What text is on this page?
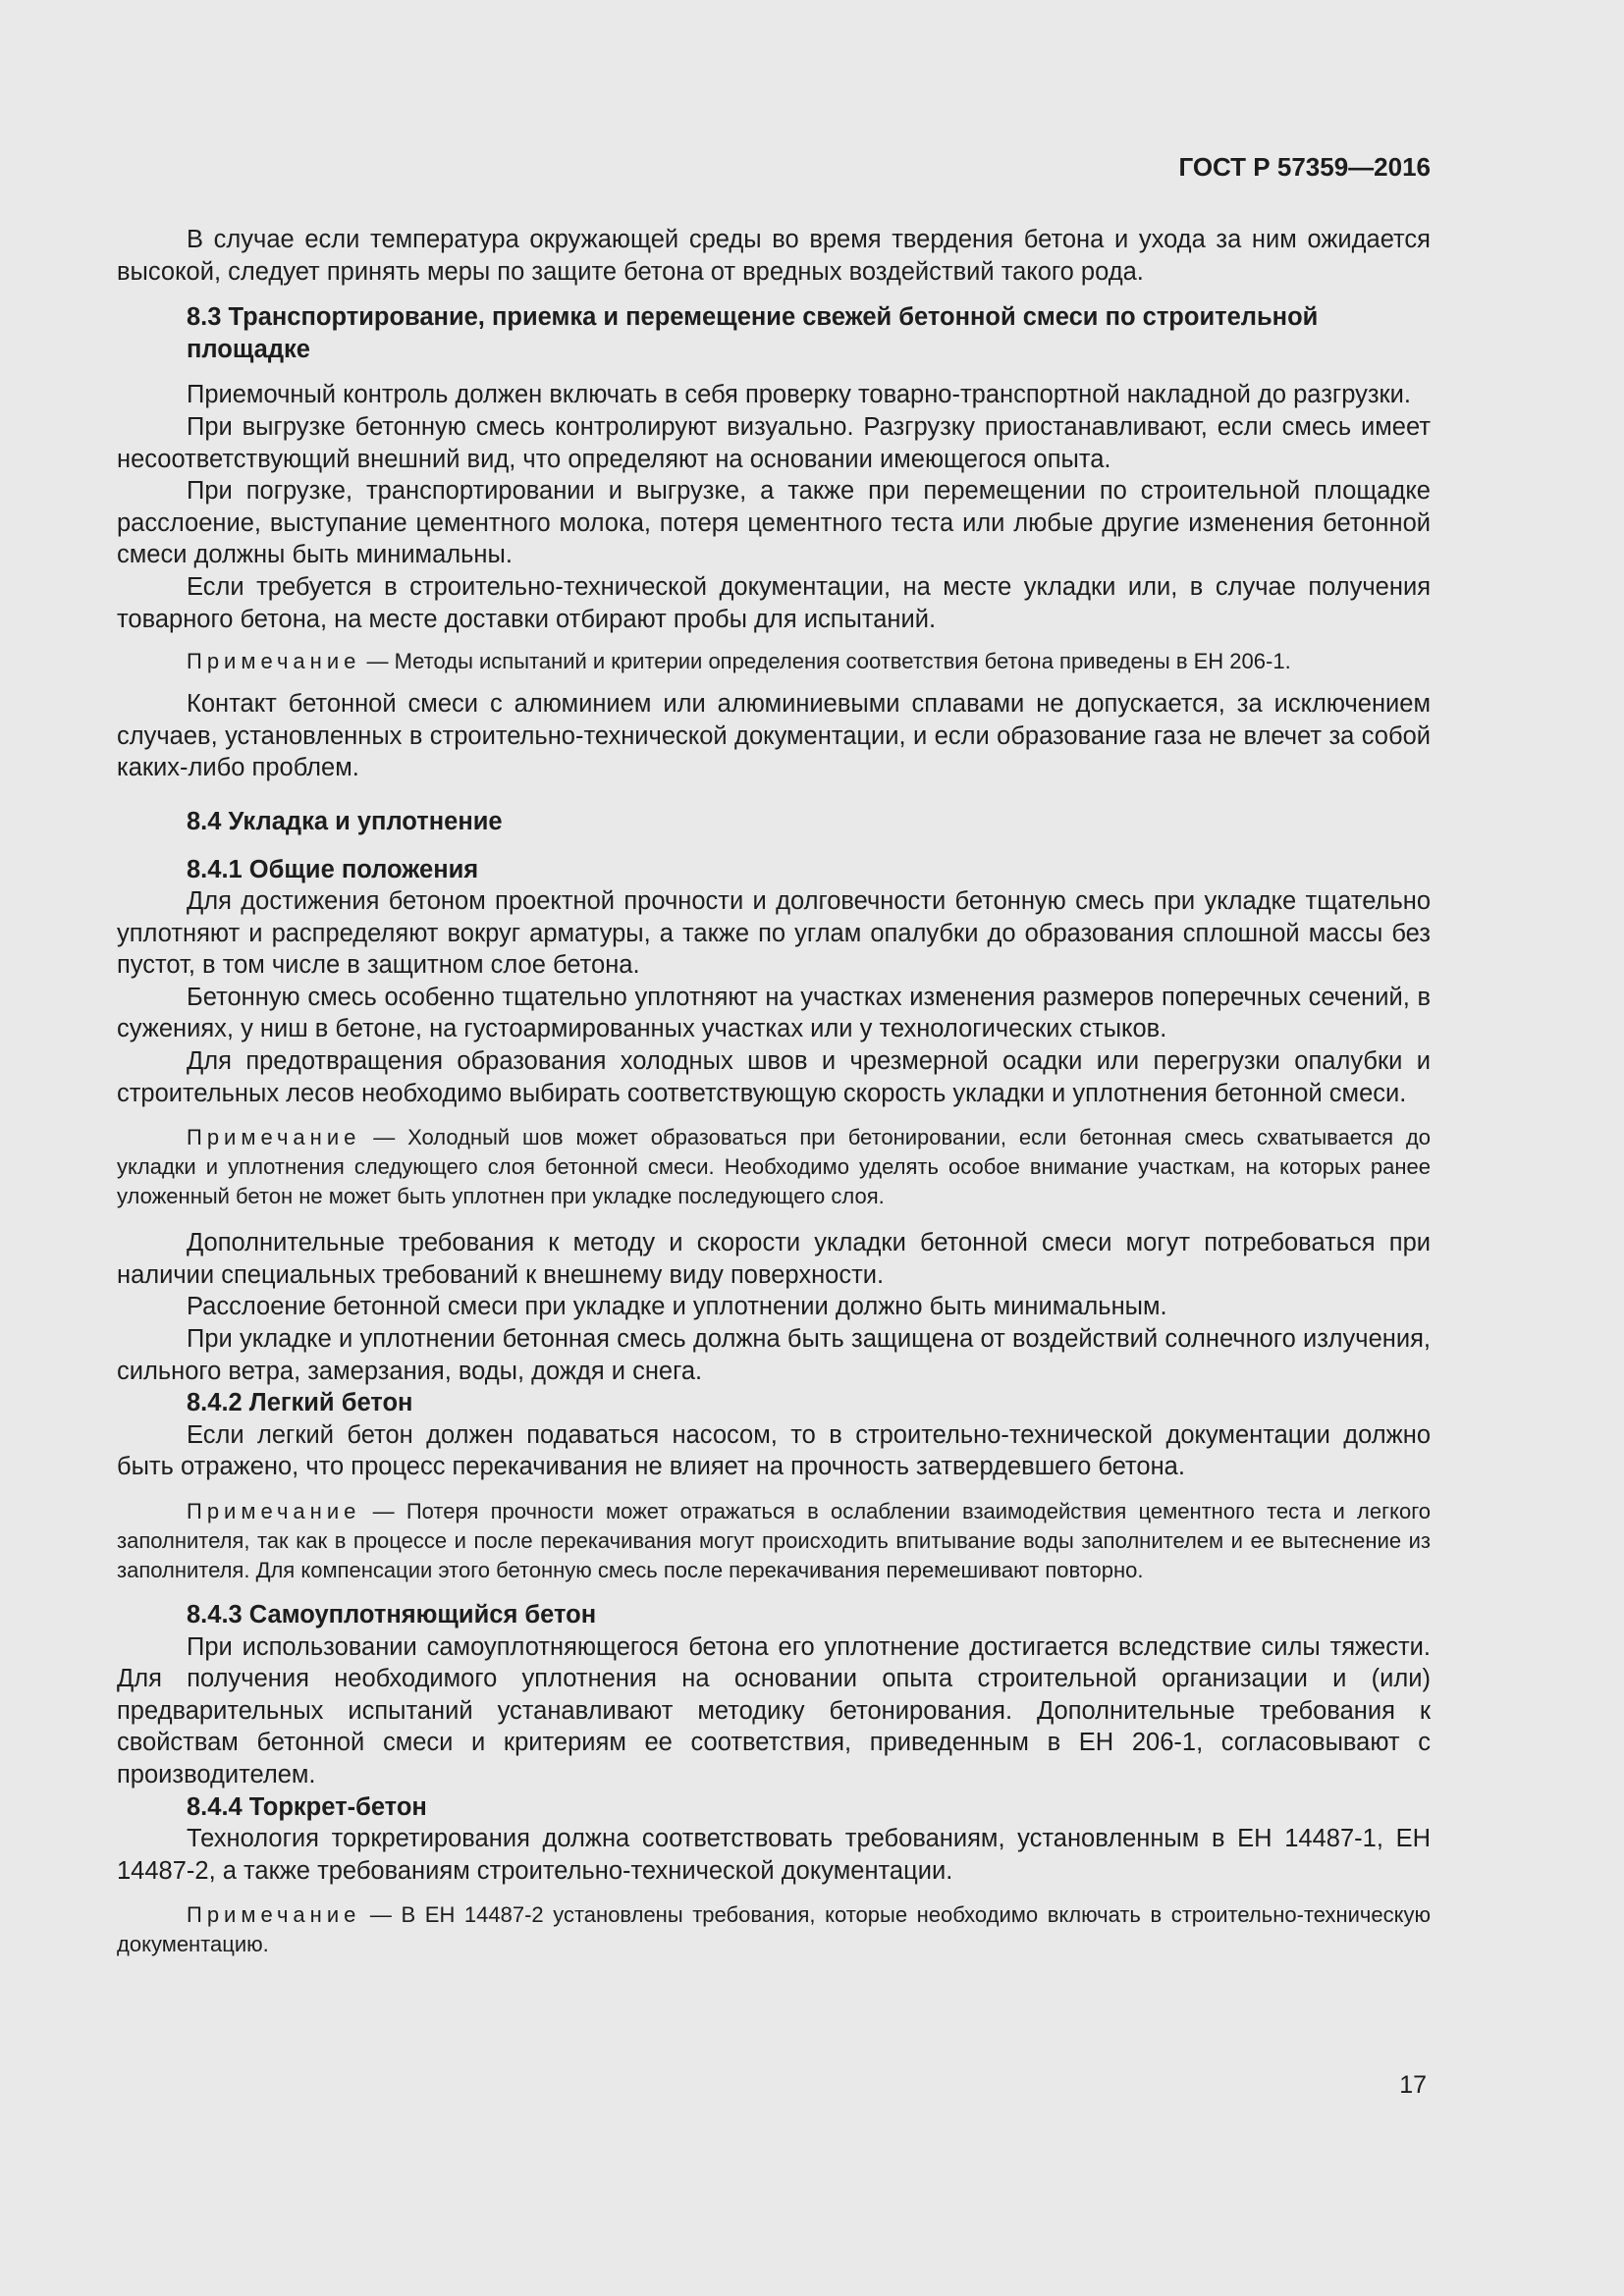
ГОСТ Р 57359—2016

В случае если температура окружающей среды во время твердения бетона и ухода за ним ожидается высокой, следует принять меры по защите бетона от вредных воздействий такого рода.

8.3 Транспортирование, приемка и перемещение свежей бетонной смеси по строительной площадке

Приемочный контроль должен включать в себя проверку товарно-транспортной накладной до разгрузки.

При выгрузке бетонную смесь контролируют визуально. Разгрузку приостанавливают, если смесь имеет несоответствующий внешний вид, что определяют на основании имеющегося опыта.

При погрузке, транспортировании и выгрузке, а также при перемещении по строительной площадке расслоение, выступание цементного молока, потеря цементного теста или любые другие изменения бетонной смеси должны быть минимальны.

Если требуется в строительно-технической документации, на месте укладки или, в случае получения товарного бетона, на месте доставки отбирают пробы для испытаний.

Примечание — Методы испытаний и критерии определения соответствия бетона приведены в ЕН 206-1.

Контакт бетонной смеси с алюминием или алюминиевыми сплавами не допускается, за исключением случаев, установленных в строительно-технической документации, и если образование газа не влечет за собой каких-либо проблем.

8.4 Укладка и уплотнение

8.4.1 Общие положения

Для достижения бетоном проектной прочности и долговечности бетонную смесь при укладке тщательно уплотняют и распределяют вокруг арматуры, а также по углам опалубки до образования сплошной массы без пустот, в том числе в защитном слое бетона.

Бетонную смесь особенно тщательно уплотняют на участках изменения размеров поперечных сечений, в сужениях, у ниш в бетоне, на густоармированных участках или у технологических стыков.

Для предотвращения образования холодных швов и чрезмерной осадки или перегрузки опалубки и строительных лесов необходимо выбирать соответствующую скорость укладки и уплотнения бетонной смеси.

Примечание — Холодный шов может образоваться при бетонировании, если бетонная смесь схватывается до укладки и уплотнения следующего слоя бетонной смеси. Необходимо уделять особое внимание участкам, на которых ранее уложенный бетон не может быть уплотнен при укладке последующего слоя.

Дополнительные требования к методу и скорости укладки бетонной смеси могут потребоваться при наличии специальных требований к внешнему виду поверхности.

Расслоение бетонной смеси при укладке и уплотнении должно быть минимальным.

При укладке и уплотнении бетонная смесь должна быть защищена от воздействий солнечного излучения, сильного ветра, замерзания, воды, дождя и снега.

8.4.2 Легкий бетон

Если легкий бетон должен подаваться насосом, то в строительно-технической документации должно быть отражено, что процесс перекачивания не влияет на прочность затвердевшего бетона.

Примечание — Потеря прочности может отражаться в ослаблении взаимодействия цементного теста и легкого заполнителя, так как в процессе и после перекачивания могут происходить впитывание воды заполнителем и ее вытеснение из заполнителя. Для компенсации этого бетонную смесь после перекачивания перемешивают повторно.

8.4.3 Самоуплотняющийся бетон

При использовании самоуплотняющегося бетона его уплотнение достигается вследствие силы тяжести. Для получения необходимого уплотнения на основании опыта строительной организации и (или) предварительных испытаний устанавливают методику бетонирования. Дополнительные требования к свойствам бетонной смеси и критериям ее соответствия, приведенным в ЕН 206-1, согласовывают с производителем.

8.4.4 Торкрет-бетон

Технология торкретирования должна соответствовать требованиям, установленным в ЕН 14487-1, ЕН 14487-2, а также требованиям строительно-технической документации.

Примечание — В ЕН 14487-2 установлены требования, которые необходимо включать в строительно-техническую документацию.

17
